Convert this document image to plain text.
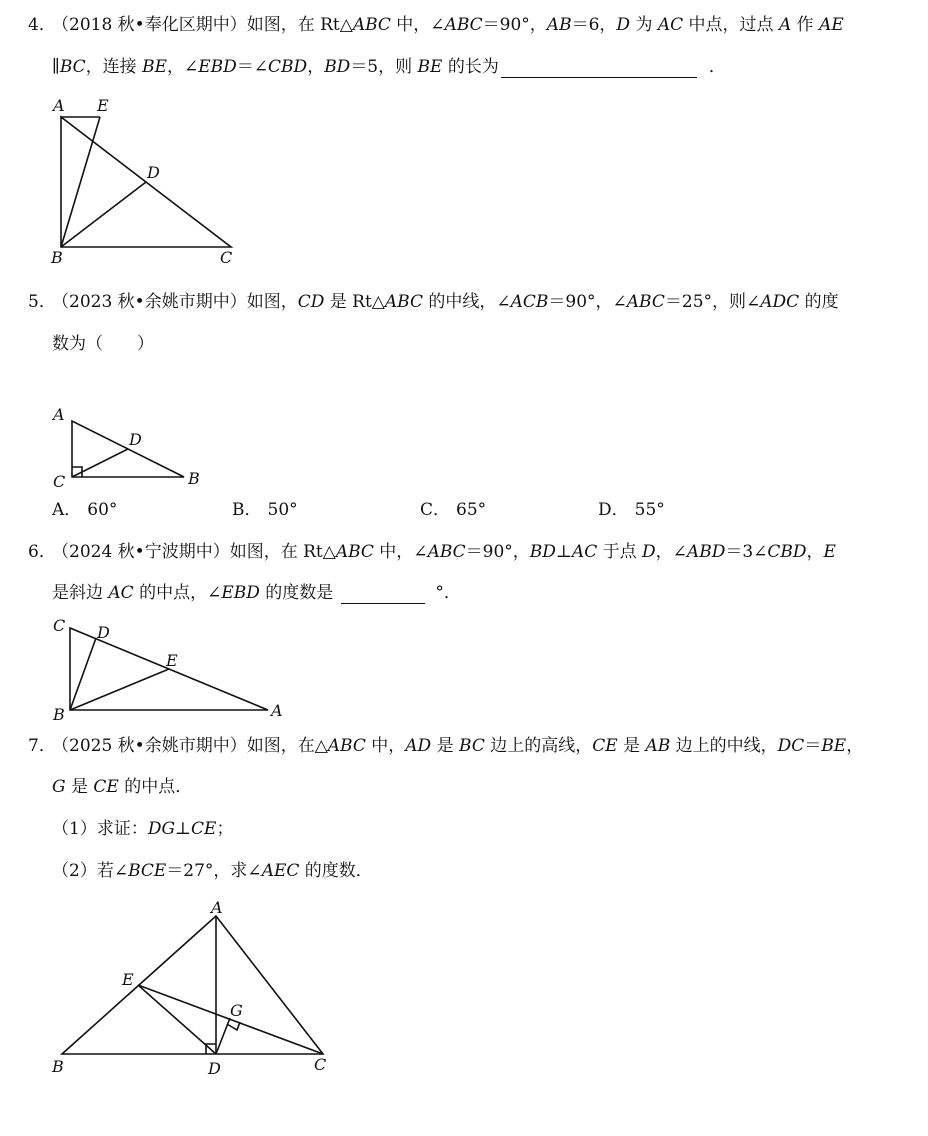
4．
（2018 秋•奉化区期中）如图，在 Rt△ABC 中，∠ABC＝90°，AB＝6，D 为 AC 中点，过点 A 作 AE
∥BC，连接 BE，∠EBD＝∠CBD，BD＝5，则 BE 的长为	．
A E
D
B	C
5．
（2023 秋•余姚市期中）如图，CD 是 Rt△ABC 的中线，∠ACB＝90°，∠ABC＝25°，则∠ADC 的度
数为（　　）
A
D
C	B
A． 60°	B． 50°	C． 65°	D． 55°
6．
（2024 秋•宁波期中）如图，在 Rt△ABC 中，∠ABC＝90°，BD⊥AC 于点 D，∠ABD＝3∠CBD，E
是斜边 AC 的中点，∠EBD 的度数是	°．
C D
E
B	A
7．
（2025 秋•余姚市期中）如图，在△ABC 中，AD 是 BC 边上的高线，CE 是 AB 边上的中线，DC＝BE，
G 是 CE 的中点．
（1）求证：DG⊥CE；
（2）若∠BCE＝27°，求∠AEC 的度数．
A
E
G
B	D	C
